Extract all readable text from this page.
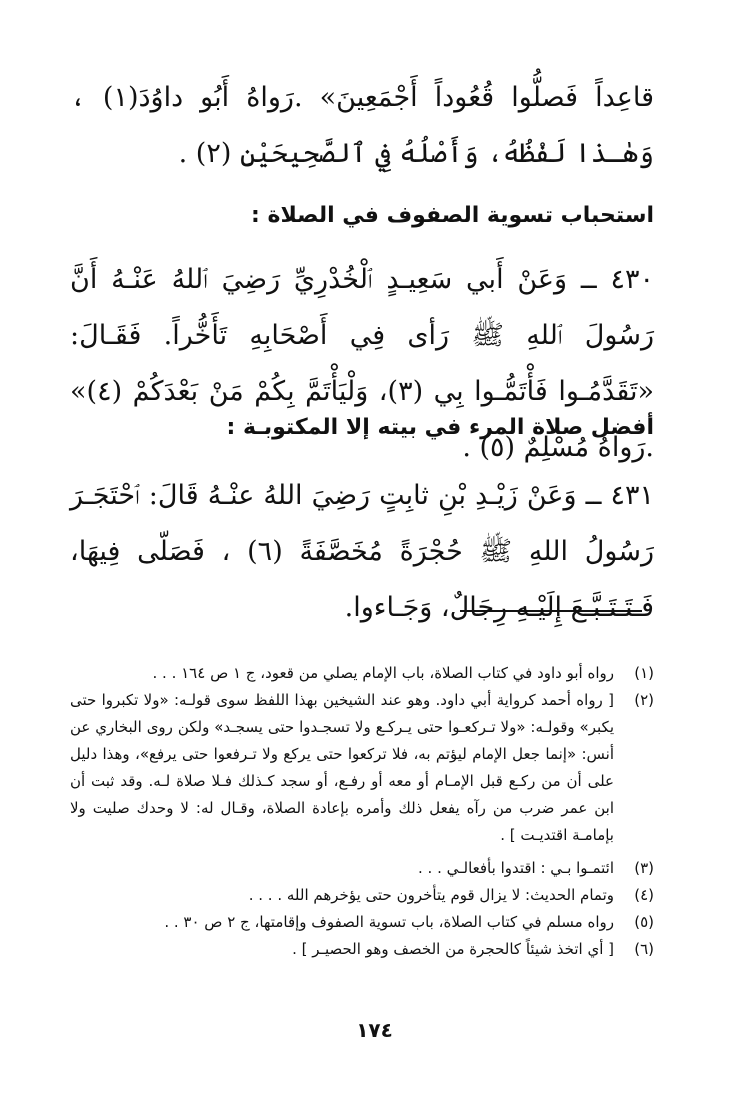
قاعِداً فَصلُّوا قُعُوداً أَجْمَعِينَ» .رَواهُ أَبُو داوُدَ(١) ، وَهٰـذا لَفْظُهُ، وَأَصْلُهُ فِي ٱلصَّحِيحَيْنِ (٢) .

استحباب تسوية الصفوف في الصلاة :

٤٣٠ ــ وَعَنْ أَبي سَعِيـدٍ ٱلْخُدْرِيِّ رَضِيَ ٱللهُ عَنْـهُ أَنَّ رَسُولَ ٱللهِ ﷺ رَأى فِي أَصْحَابِهِ تَأَخُّراً. فَقَـالَ: «تَقَدَّمُـوا فَأْتَمُّـوا بِي (٣)، وَلْيَأْتَمَّ بِكُمْ مَنْ بَعْدَكُمْ (٤)» .رَواهُ مُسْلِمٌ (٥) .

أفضل صلاة المرء في بيته إلا المكتوبـة :

٤٣١ ــ وَعَنْ زَيْـدِ بْنِ ثابِتٍ رَضِيَ اللهُ عنْـهُ قَالَ: ٱحْتَجَـرَ رَسُولُ اللهِ ﷺ حُجْرَةً مُخَصَّفَةً (٦) ، فَصَلّى فِيهَا، فَـتَـتَـبَّـعَ إِلَيْـهِ رِجَالٌ، وَجَـاءوا.

(١)
رواه أبو داود في كتاب الصلاة، باب الإمام يصلي من قعود، ج ١ ص ١٦٤ . . .
(٢)
[ رواه أحمد كرواية أبي داود. وهو عند الشيخين بهذا اللفظ سوى قولـه: «ولا تكبروا حتى يكبر» وقولـه: «ولا تـركعـوا حتى يـركـع ولا تسجـدوا حتى يسجـد» ولكن روى البخاري عن أنس: «إنما جعل الإمام ليؤتم به، فلا تركعوا حتى يركع ولا تـرفعوا حتى يرفع»، وهذا دليل على أن من ركـع قبل الإمـام أو معه أو رفـع، أو سجد كـذلك فـلا صلاة لـه. وقد ثبت أن ابن عمر ضرب من رآه يفعل ذلك وأمره بإعادة الصلاة، وقـال له: لا وحدك صليت ولا بإمامـة اقتديـت ] .
(٣)
ائتمـوا بـي : اقتدوا بأفعالـي . . .
(٤)
وتمام الحديث: لا يزال قوم يتأخرون حتى يؤخرهم الله . . . .
(٥)
رواه مسلم في كتاب الصلاة، باب تسوية الصفوف وإقامتها، ج ٢ ص ٣٠ . .
(٦)
[ أي اتخذ شيئاً كالحجرة من الخصف وهو الحصيـر ] .
١٧٤
